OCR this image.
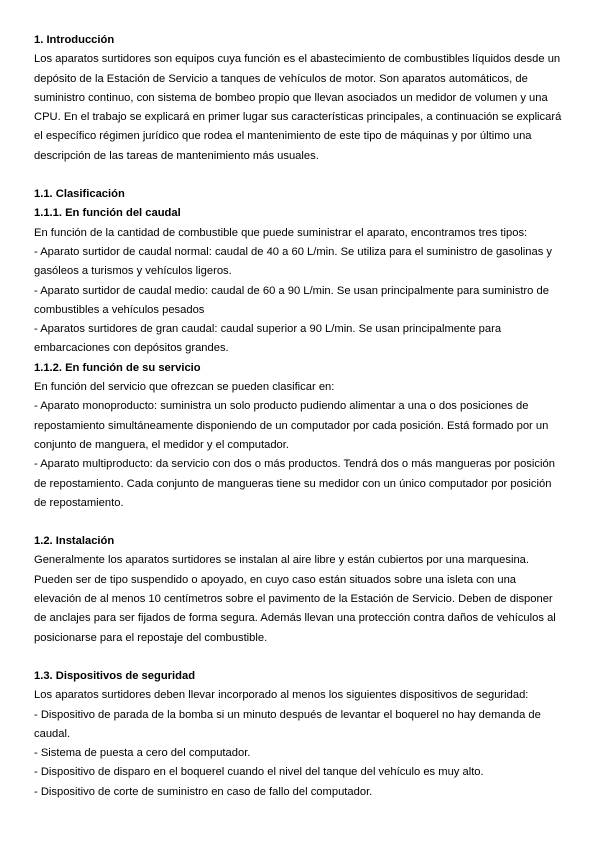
1. Introducción

Los aparatos surtidores son equipos cuya función es el abastecimiento de combustibles líquidos desde un depósito de la Estación de Servicio a tanques de vehículos de motor. Son aparatos automáticos, de suministro continuo, con sistema de bombeo propio que llevan asociados un medidor de volumen y una CPU. En el trabajo se explicará en primer lugar sus características principales, a continuación se explicará el específico régimen jurídico que rodea el mantenimiento de este tipo de máquinas y por último una descripción de las tareas de mantenimiento más usuales.

1.1. Clasificación
1.1.1. En función del caudal

En función de la cantidad de combustible que puede suministrar el aparato, encontramos tres tipos:

- Aparato surtidor de caudal normal: caudal de 40 a 60 L/min. Se utiliza para el suministro de gasolinas y gasóleos a turismos y vehículos ligeros.

- Aparato surtidor de caudal medio: caudal de 60 a 90 L/min. Se usan principalmente para suministro de combustibles a vehículos pesados

- Aparatos surtidores de gran caudal: caudal superior a 90 L/min. Se usan principalmente para embarcaciones con depósitos grandes.

1.1.2. En función de su servicio

En función del servicio que ofrezcan se pueden clasificar en:

- Aparato monoproducto: suministra un solo producto pudiendo alimentar a una o dos posiciones de repostamiento simultáneamente disponiendo de un computador por cada posición. Está formado por un conjunto de manguera, el medidor y el computador.

- Aparato multiproducto: da servicio con dos o más productos. Tendrá dos o más mangueras por posición de repostamiento. Cada conjunto de mangueras tiene su medidor con un único computador por posición de repostamiento.

1.2. Instalación

Generalmente los aparatos surtidores se instalan al aire libre y están cubiertos por una marquesina. Pueden ser de tipo suspendido o apoyado, en cuyo caso están situados sobre una isleta con una elevación de al menos 10 centímetros sobre el pavimento de la Estación de Servicio. Deben de disponer de anclajes para ser fijados de forma segura. Además llevan una protección contra daños de vehículos al posicionarse para el repostaje del combustible.

1.3. Dispositivos de seguridad

Los aparatos surtidores deben llevar incorporado al menos los siguientes dispositivos de seguridad:

- Dispositivo de parada de la bomba si un minuto después de levantar el boquerel no hay demanda de caudal.

- Sistema de puesta a cero del computador.

- Dispositivo de disparo en el boquerel cuando el nivel del tanque del vehículo es muy alto.

- Dispositivo de corte de suministro en caso de fallo del computador.
